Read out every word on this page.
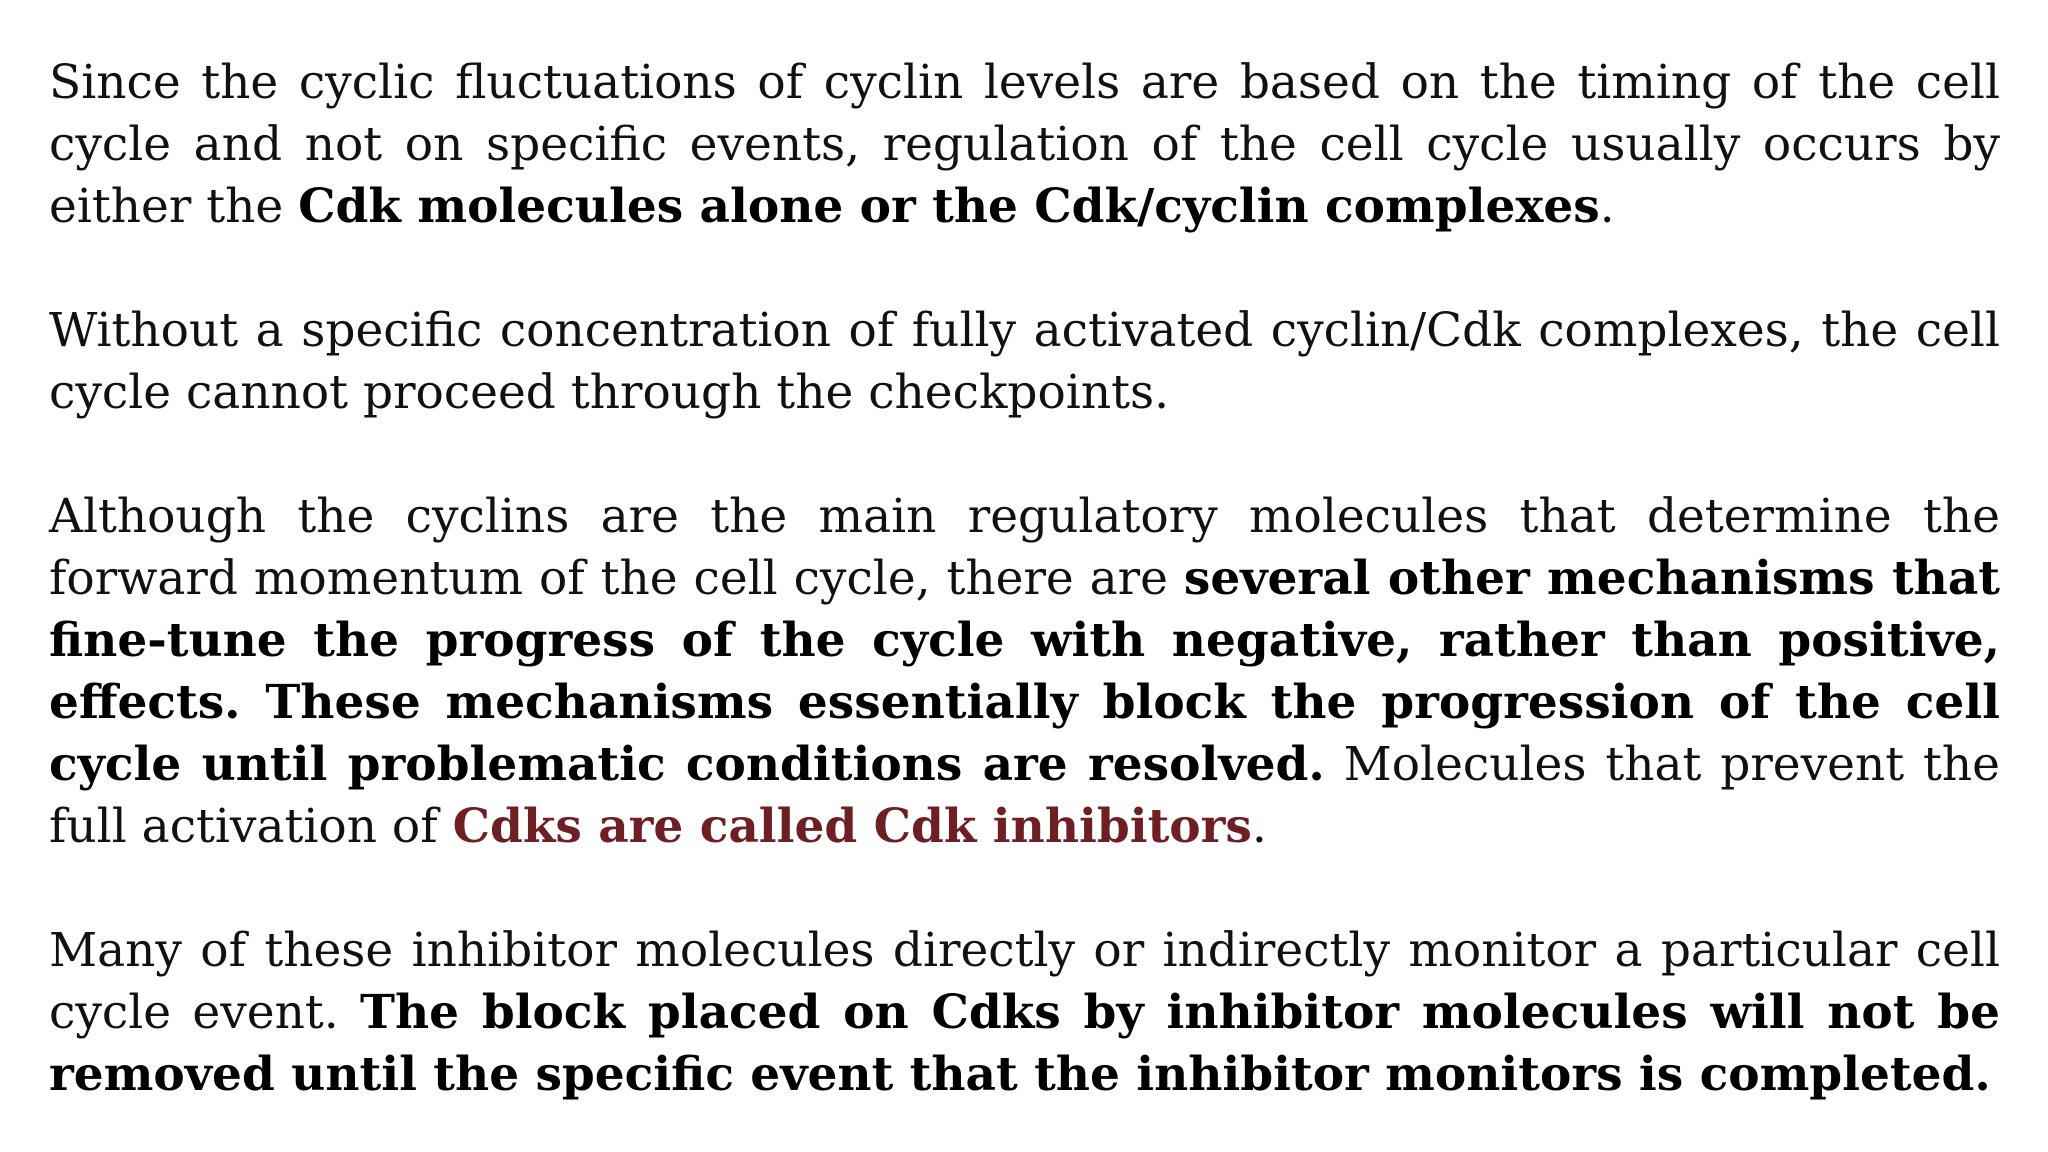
Since the cyclic fluctuations of cyclin levels are based on the timing of the cell cycle and not on specific events, regulation of the cell cycle usually occurs by either the Cdk molecules alone or the Cdk/cyclin complexes.

Without a specific concentration of fully activated cyclin/Cdk complexes, the cell cycle cannot proceed through the checkpoints.

Although the cyclins are the main regulatory molecules that determine the forward momentum of the cell cycle, there are several other mechanisms that fine-tune the progress of the cycle with negative, rather than positive, effects. These mechanisms essentially block the progression of the cell cycle until problematic conditions are resolved. Molecules that prevent the full activation of Cdks are called Cdk inhibitors.

Many of these inhibitor molecules directly or indirectly monitor a particular cell cycle event. The block placed on Cdks by inhibitor molecules will not be removed until the specific event that the inhibitor monitors is completed.
